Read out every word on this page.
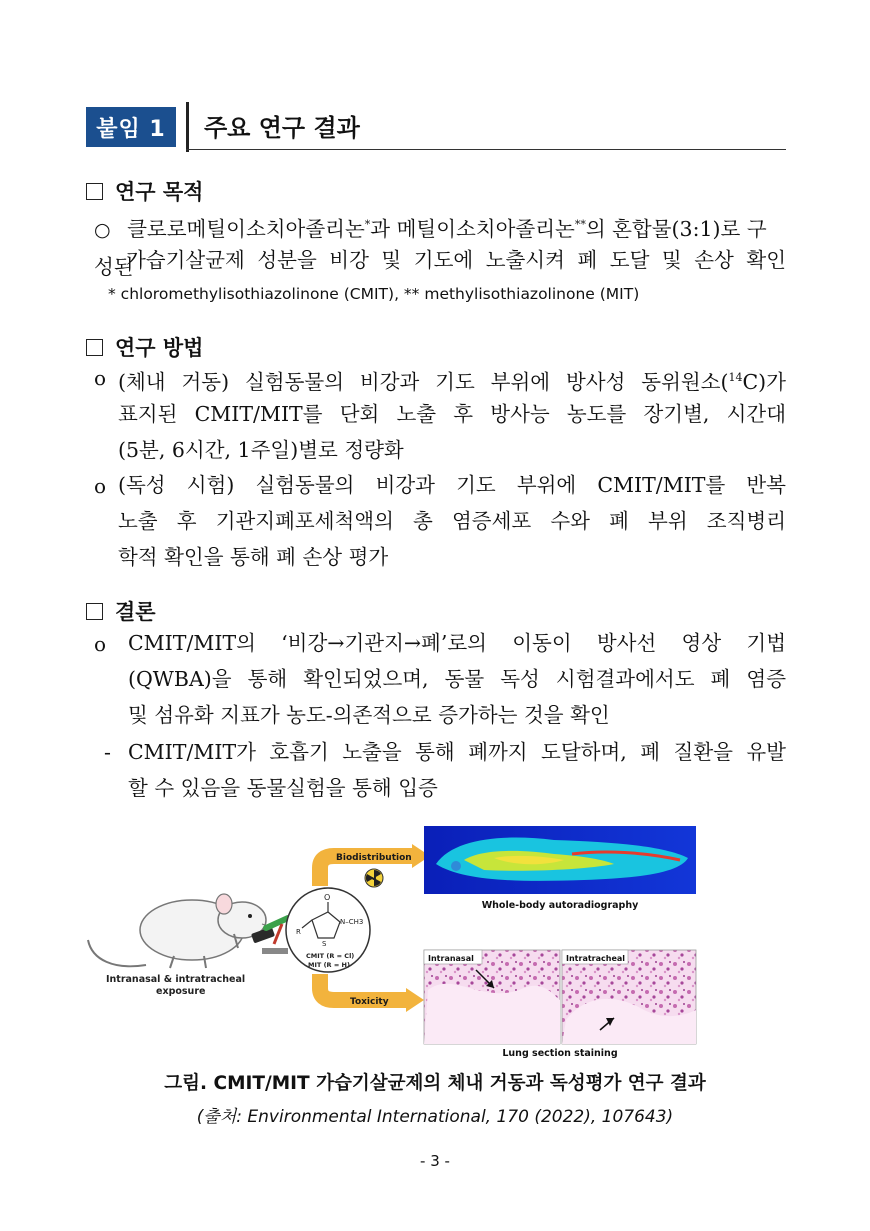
붙임 1	주요 연구 결과
연구 목적
○ 클로로메틸이소치아졸리논*과 메틸이소치아졸리논**의 혼합물(3:1)로 구성된
가습기살균제 성분을 비강 및 기도에 노출시켜 폐 도달 및 손상 확인
* chloromethylisothiazolinone (CMIT), ** methylisothiazolinone (MIT)
연구 방법
o (체내 거동) 실험동물의 비강과 기도 부위에 방사성 동위원소($^{14}$C)가
표지된 CMIT/MIT를 단회 노출 후 방사능 농도를 장기별, 시간대
(5분, 6시간, 1주일)별로 정량화
o (독성 시험) 실험동물의 비강과 기도 부위에 CMIT/MIT를 반복
노출 후 기관지폐포세척액의 총 염증세포 수와 폐 부위 조직병리
학적 확인을 통해 폐 손상 평가
결론
o CMIT/MIT의 ‘비강→기관지→폐’로의 이동이 방사선 영상 기법
(QWBA)을 통해 확인되었으며, 동물 독성 시험결과에서도 폐 염증
및 섬유화 지표가 농도-의존적으로 증가하는 것을 확인
- CMIT/MIT가 호흡기 노출을 통해 폐까지 도달하며, 폐 질환을 유발
할 수 있음을 동물실험을 통해 입증
Intranasal & intratracheal
exposure
O
N–CH3
R
S
CMIT (R = Cl)
MIT (R = H)
Biodistribution
Toxicity
Whole-body autoradiography
Intranasal	Intratracheal
Lung section staining
그림. CMIT/MIT 가습기살균제의 체내 거동과 독성평가 연구 결과
(출처: Environmental International, 170 (2022), 107643)
- 3 -
